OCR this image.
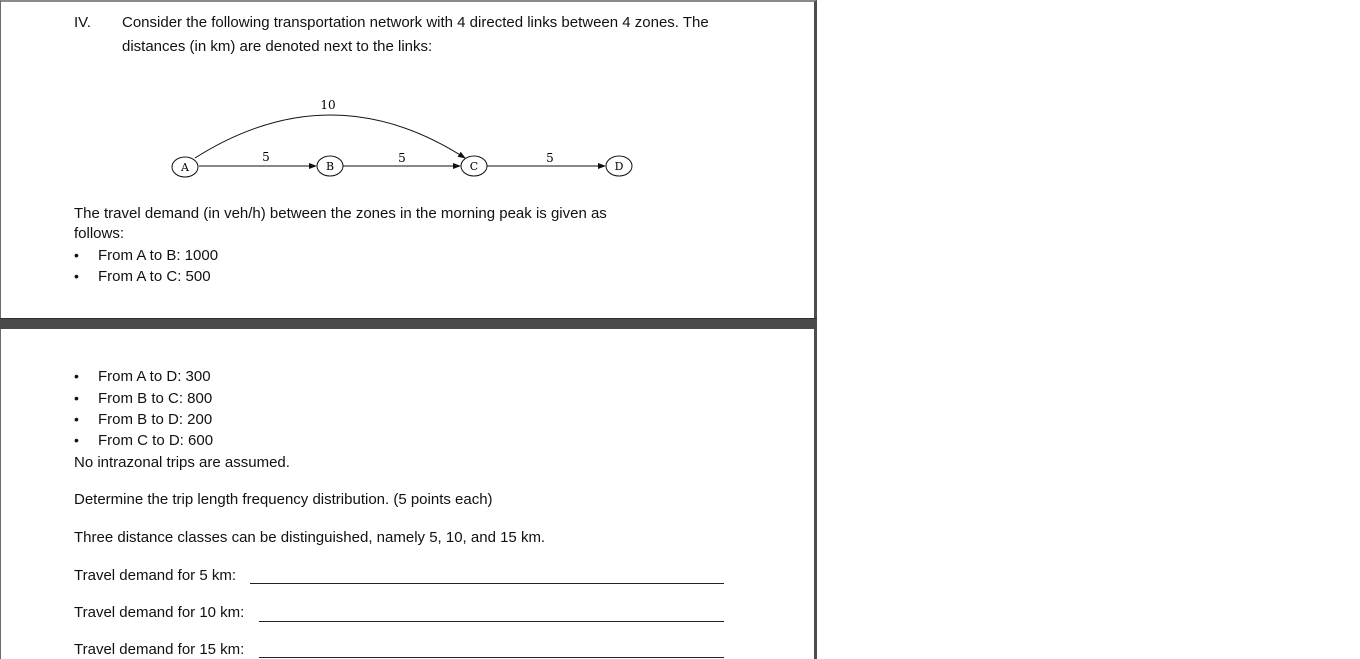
IV. Consider the following transportation network with 4 directed links between 4 zones. The
distances (in km) are denoted next to the links:
10
5	5	5
A	B	C	D
The travel demand (in veh/h) between the zones in the morning peak is given as
follows:
• From A to B: 1000
• From A to C: 500
• From A to D: 300
• From B to C: 800
• From B to D: 200
• From C to D: 600
No intrazonal trips are assumed.
Determine the trip length frequency distribution. (5 points each)
Three distance classes can be distinguished, namely 5, 10, and 15 km.
Travel demand for 5 km:
Travel demand for 10 km:
Travel demand for 15 km:
